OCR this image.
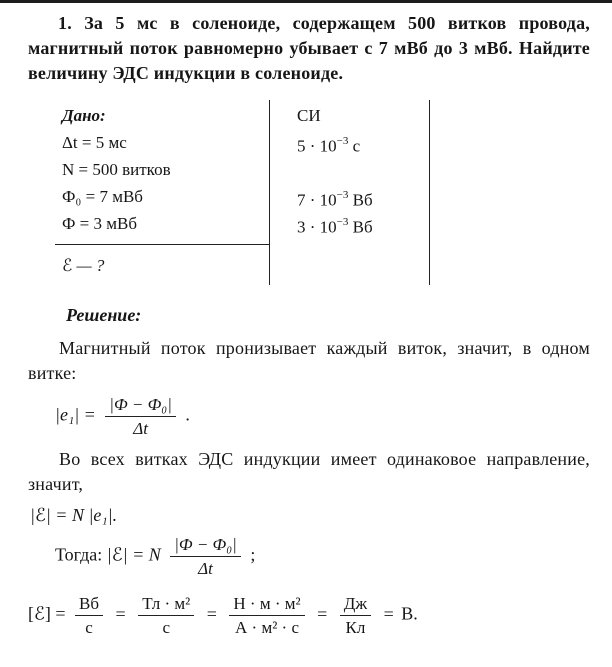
1. За 5 мс в соленоиде, содержащем 500 витков провода, магнитный поток равномерно убывает с 7 мВб до 3 мВб. Найдите величину ЭДС индукции в соленоиде.

Дано:
Δt = 5 мс
N = 500 витков
Ф₀ = 7 мВб
Ф = 3 мВб
ℰ — ?
СИ
$5 \cdot 10^{-3}$ с
$7 \cdot 10^{-3}$ Вб
$3 \cdot 10^{-3}$ Вб
Решение:

Магнитный поток пронизывает каждый виток, значит, в одном витке:

$|e_1| = \frac{\text{|Ф − Ф₀|}}{\Delta t}$ .

Во всех витках ЭДС индукции имеет одинаковое направление, значит,

|ℰ| = N |e₁|.
Тогда: |ℰ| = N $\frac{\text{|Ф − Ф₀|}}{\Delta t}$ ;
[ℰ] = $\frac{Вб}{с} = \frac{\text{Тл · м²}}{с} = \frac{\text{Н · м · м²}}{\text{А · м² · с}} = \frac{Дж}{Кл} = В$.
